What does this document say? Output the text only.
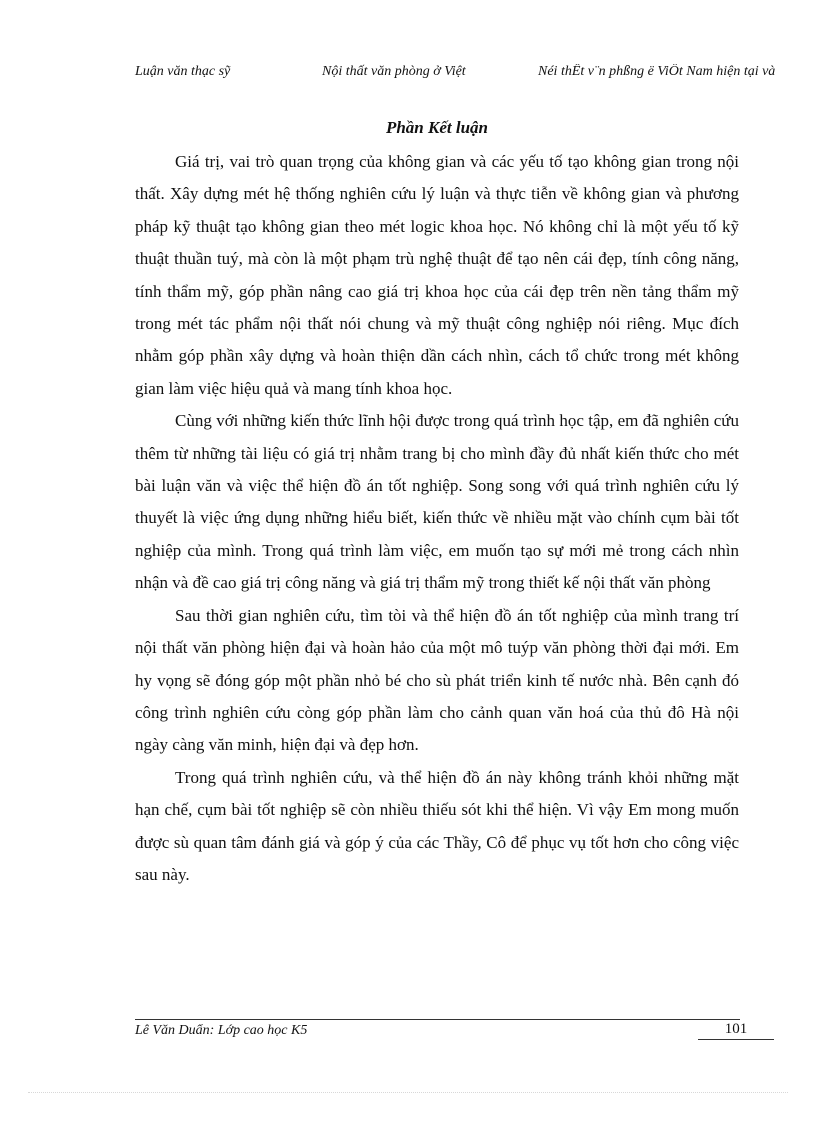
Luận văn thạc sỹ	Nội thất văn phòng ở Việt	Néi thÊt v¨n phßng ë ViÖt Nam hiện tại và
Phần Kết luận

Giá trị, vai trò quan trọng của không gian và các yếu tố tạo không gian trong nội thất. Xây dựng mét hệ thống nghiên cứu lý luận và thực tiễn về không gian và phương pháp kỹ thuật tạo không gian theo mét logic khoa học. Nó không chỉ là một yếu tố kỹ thuật thuần tuý, mà còn là một phạm trù nghệ thuật để tạo nên cái đẹp, tính công năng, tính thẩm mỹ, góp phần nâng cao giá trị khoa học của cái đẹp trên nền tảng thẩm mỹ trong mét tác phẩm nội thất nói chung và mỹ thuật công nghiệp nói riêng. Mục đích nhằm góp phần xây dựng và hoàn thiện dần cách nhìn, cách tổ chức trong mét không gian làm việc hiệu quả và mang tính khoa học.

Cùng với những kiến thức lĩnh hội được trong quá trình học tập, em đã nghiên cứu thêm từ những tài liệu có giá trị nhằm trang bị cho mình đầy đủ nhất kiến thức cho mét bài luận văn và việc thể hiện đồ án tốt nghiệp. Song song với quá trình nghiên cứu lý thuyết là việc ứng dụng những hiểu biết, kiến thức về nhiều mặt vào chính cụm bài tốt nghiệp của mình. Trong quá trình làm việc, em muốn tạo sự mới mẻ trong cách nhìn nhận và đề cao giá trị công năng và giá trị thẩm mỹ trong thiết kế nội thất văn phòng

Sau thời gian nghiên cứu, tìm tòi và thể hiện đồ án tốt nghiệp của mình trang trí nội thất văn phòng hiện đại và hoàn hảo của một mô tuýp văn phòng thời đại mới. Em hy vọng sẽ đóng góp một phần nhỏ bé cho sù phát triển kinh tế nước nhà. Bên cạnh đó công trình nghiên cứu còng góp phần làm cho cảnh quan văn hoá của thủ đô Hà nội ngày càng văn minh, hiện đại và đẹp hơn.

Trong quá trình nghiên cứu, và thể hiện đồ án này không tránh khỏi những mặt hạn chế, cụm bài tốt nghiệp sẽ còn nhiều thiếu sót khi thể hiện. Vì vậy Em mong muốn được sù quan tâm đánh giá và góp ý của các Thầy, Cô để phục vụ tốt hơn cho công việc sau này.

Lê Văn Duẩn: Lớp cao học K5	101
